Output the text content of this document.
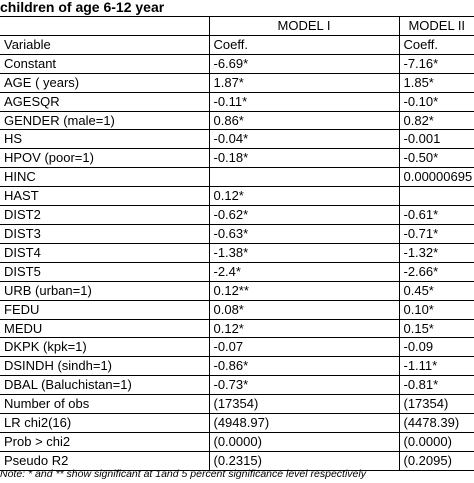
children of age 6-12 year
	MODEL I	MODEL II
Variable	Coeff.	Coeff.
Constant	-6.69*	-7.16*
AGE ( years)	1.87*	1.85*
AGESQR	-0.11*	-0.10*
GENDER (male=1)	0.86*	0.82*
HS	-0.04*	-0.001
HPOV (poor=1)	-0.18*	-0.50*
HINC		0.00000695
HAST	0.12*	
DIST2	-0.62*	-0.61*
DIST3	-0.63*	-0.71*
DIST4	-1.38*	-1.32*
DIST5	-2.4*	-2.66*
URB (urban=1)	0.12**	0.45*
FEDU	0.08*	0.10*
MEDU	0.12*	0.15*
DKPK (kpk=1)	-0.07	-0.09
DSINDH (sindh=1)	-0.86*	-1.11*
DBAL (Baluchistan=1)	-0.73*	-0.81*
Number of obs	(17354)	(17354)
LR chi2(16)	(4948.97)	(4478.39)
Prob > chi2	(0.0000)	(0.0000)
Pseudo R2	(0.2315)	(0.2095)
Note: * and ** show significant at 1and 5 percent significance level respectively
